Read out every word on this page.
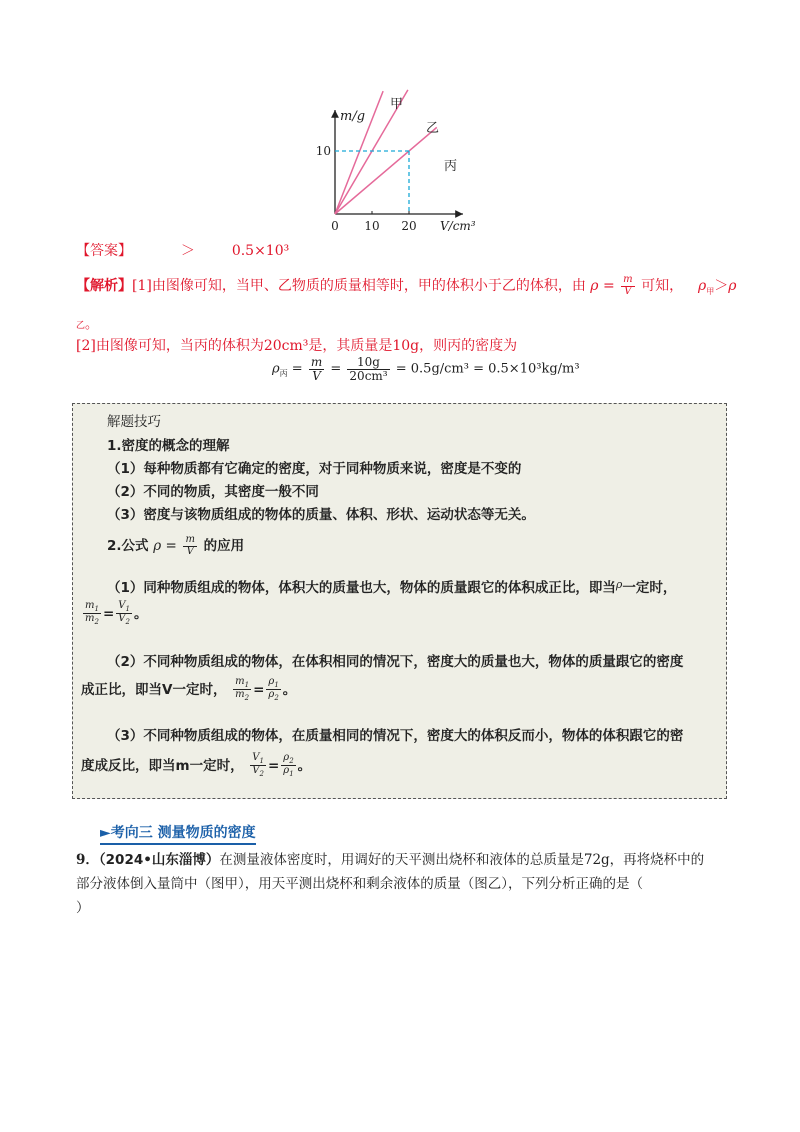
m/g
V/cm³
0 10 20
10
甲
乙
丙
【答案】	＞	0.5×10³
【解析】[1]由图像可知，当甲、乙物质的质量相等时，甲的体积小于乙的体积，由 $\rho = \frac{m}{V}$ 可知， $\rho_甲>\rho$
乙。
[2]由图像可知，当丙的体积为20cm³是，其质量是10g，则丙的密度为
$\rho_丙 = \frac{m}{V} = \frac{10g}{\text{20cm³}} = 0.5g/cm^3 = 0.5\times 10^3kg/m^3$
解题技巧
1.密度的概念的理解
（1）每种物质都有它确定的密度，对于同种物质来说，密度是不变的
（2）不同的物质，其密度一般不同
（3）密度与该物质组成的物体的质量、体积、形状、运动状态等无关。
2.公式 $\rho = \frac{m}{V}$ 的应用
（1）同种物质组成的物体，体积大的质量也大，物体的质量跟它的体积成正比，即当$^\rho$一定时，
$\frac{m_1}{m_2} = \frac{V_1}{V_2}$ 。
（2）不同种物质组成的物体，在体积相同的情况下，密度大的质量也大，物体的质量跟它的密度
成正比，即当V一定时， $\frac{m_1}{m_2} = \frac{\rho_1}{\rho_2}$ 。
（3）不同种物质组成的物体，在质量相同的情况下，密度大的体积反而小，物体的体积跟它的密
度成反比，即当m一定时， $\frac{V_1}{V_2} = \frac{\rho_2}{\rho_1}$ 。
►考向三 测量物质的密度
9．（2024•山东淄博）在测量液体密度时，用调好的天平测出烧杯和液体的总质量是72g，再将烧杯中的
部分液体倒入量筒中（图甲），用天平测出烧杯和剩余液体的质量（图乙），下列分析正确的是（
）
